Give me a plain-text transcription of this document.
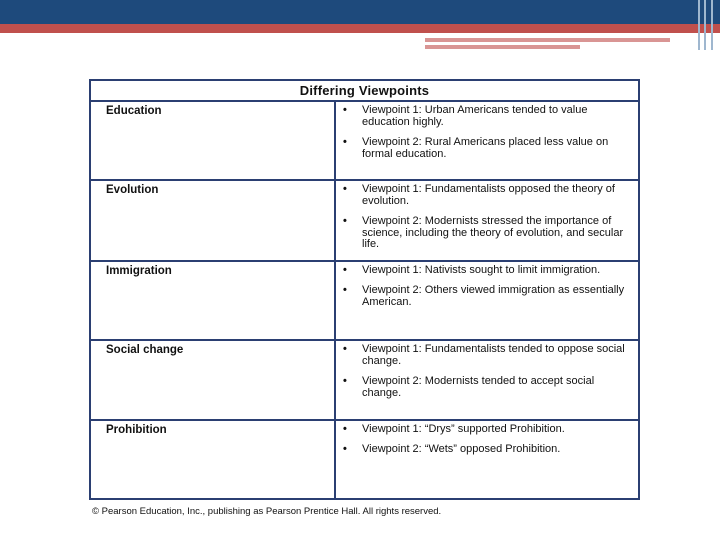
Differing Viewpoints
Education	•	Viewpoint 1: Urban Americans tended to value education highly.
•	Viewpoint 2: Rural Americans placed less value on formal education.
Evolution	•	Viewpoint 1: Fundamentalists opposed the theory of evolution.
•	Viewpoint 2: Modernists stressed the importance of science, including the theory of evolution, and secular life.
Immigration	•	Viewpoint 1: Nativists sought to limit immigration.
•	Viewpoint 2: Others viewed immigration as essentially American.
Social change	•	Viewpoint 1: Fundamentalists tended to oppose social change.
•	Viewpoint 2: Modernists tended to accept social change.
Prohibition	•	Viewpoint 1: “Drys” supported Prohibition.
•	Viewpoint 2: “Wets” opposed Prohibition.
© Pearson Education, Inc., publishing as Pearson Prentice Hall. All rights reserved.
